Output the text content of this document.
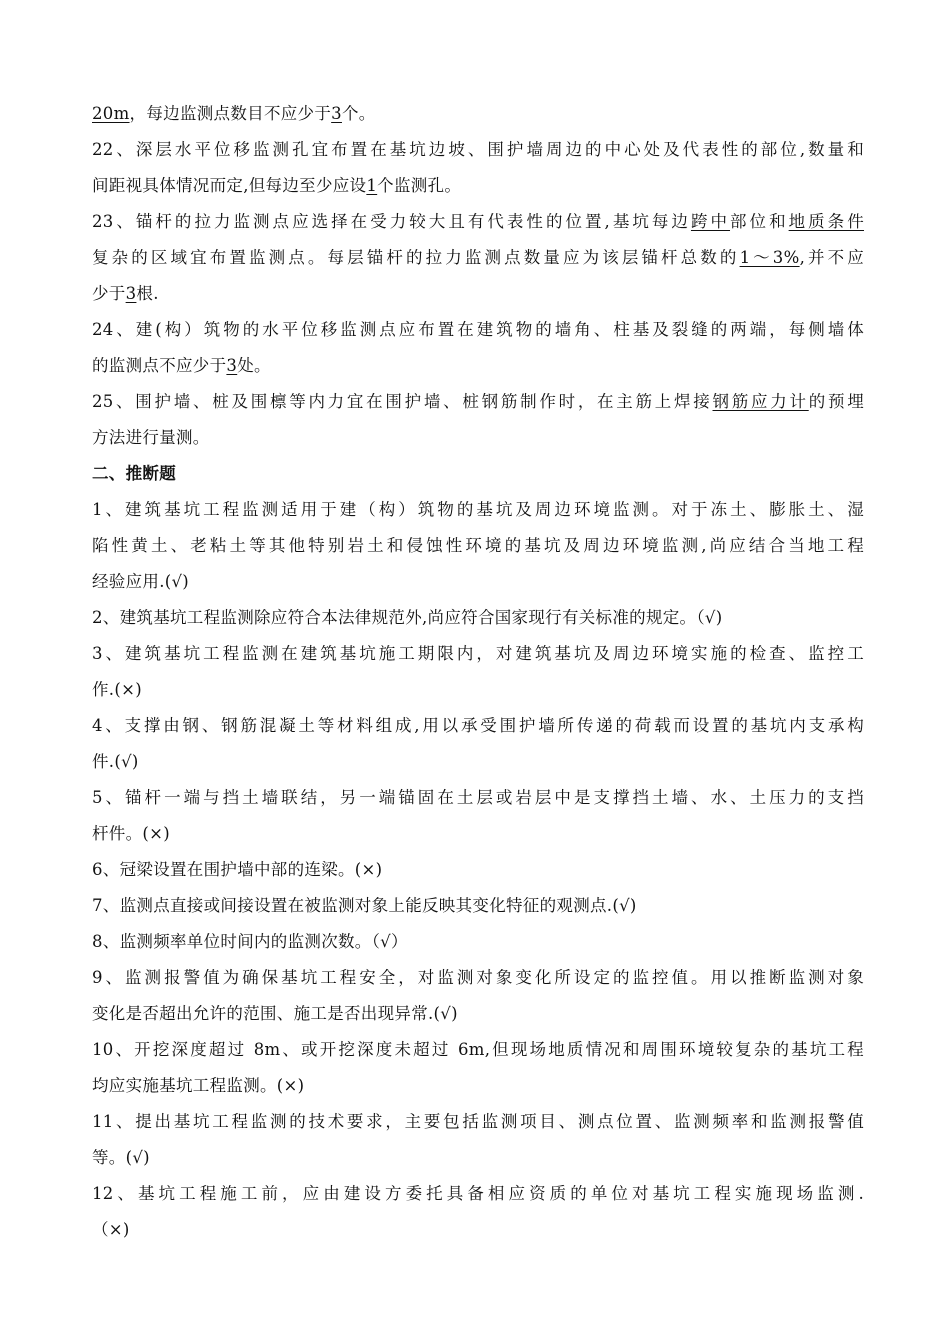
20m，每边监测点数目不应少于3个。
22、深层水平位移监测孔宜布置在基坑边坡、围护墙周边的中心处及代表性的部位,数量和
间距视具体情况而定,但每边至少应设1个监测孔。
23、锚杆的拉力监测点应选择在受力较大且有代表性的位置,基坑每边跨中部位和地质条件
复杂的区域宜布置监测点。每层锚杆的拉力监测点数量应为该层锚杆总数的1～3%,并不应
少于3根.
24、建(构）筑物的水平位移监测点应布置在建筑物的墙角、柱基及裂缝的两端，每侧墙体
的监测点不应少于3处。
25、围护墙、桩及围檩等内力宜在围护墙、桩钢筋制作时，在主筋上焊接钢筋应力计的预埋
方法进行量测。
二、推断题
1、建筑基坑工程监测适用于建（构）筑物的基坑及周边环境监测。对于冻土、膨胀土、湿
陷性黄土、老粘土等其他特别岩土和侵蚀性环境的基坑及周边环境监测,尚应结合当地工程
经验应用.(√)
2、建筑基坑工程监测除应符合本法律规范外,尚应符合国家现行有关标准的规定。（√)
3、建筑基坑工程监测在建筑基坑施工期限内，对建筑基坑及周边环境实施的检查、监控工
作.(×)
4、支撑由钢、钢筋混凝土等材料组成,用以承受围护墙所传递的荷载而设置的基坑内支承构
件.(√)
5、锚杆一端与挡土墙联结，另一端锚固在土层或岩层中是支撑挡土墙、水、土压力的支挡
杆件。(×)
6、冠梁设置在围护墙中部的连梁。(×)
7、监测点直接或间接设置在被监测对象上能反映其变化特征的观测点.(√)
8、监测频率单位时间内的监测次数。（√）
9、监测报警值为确保基坑工程安全，对监测对象变化所设定的监控值。用以推断监测对象
变化是否超出允许的范围、施工是否出现异常.(√)
10、开挖深度超过 8m、或开挖深度未超过 6m,但现场地质情况和周围环境较复杂的基坑工程
均应实施基坑工程监测。(×)
11、提出基坑工程监测的技术要求，主要包括监测项目、测点位置、监测频率和监测报警值
等。(√)
12、基坑工程施工前，应由建设方委托具备相应资质的单位对基坑工程实施现场监测.
（×)
